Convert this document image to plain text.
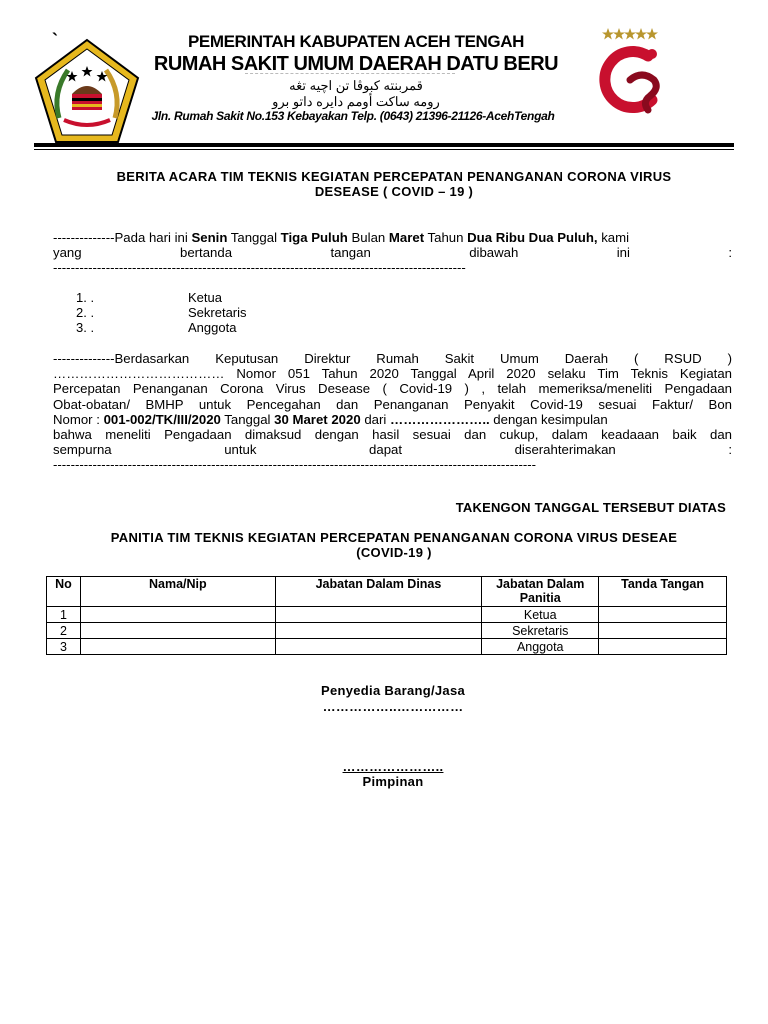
`	PEMERINTAH KABUPATEN ACEH TENGAH
RUMAH SAKIT UMUM DAERAH DATU BERU
قمربنته كبوڤا تن اچيه تڠه
رومه ساكت أومم دايره داتو برو
Jln. Rumah Sakit No.153 Kebayakan Telp. (0643) 21396-21126-AcehTengah
BERITA ACARA TIM TEKNIS KEGIATAN PERCEPATAN PENANGANAN CORONA VIRUS
DESEASE ( COVID – 19 )
--------------Pada hari ini Senin Tanggal Tiga Puluh Bulan Maret Tahun Dua Ribu Dua Puluh, kami
yang bertanda tangan dibawah ini :
----------------------------------------------------------------------------------------------
1. .	Ketua
2. .	Sekretaris
3. .	Anggota
--------------Berdasarkan Keputusan Direktur Rumah Sakit Umum Daerah ( RSUD )
………………………………… Nomor 051 Tahun 2020 Tanggal April 2020 selaku Tim Teknis Kegiatan
Percepatan Penanganan Corona Virus Desease ( Covid-19 ) , telah memeriksa/meneliti Pengadaan
Obat-obatan/ BMHP untuk Pencegahan dan Penanganan Penyakit Covid-19 sesuai Faktur/ Bon
Nomor : 001-002/TK/III/2020 Tanggal 30 Maret 2020 dari ………………….. dengan kesimpulan
bahwa meneliti Pengadaan dimaksud dengan hasil sesuai dan cukup, dalam keadaaan baik dan
sempurna untuk dapat diserahterimakan :
--------------------------------------------------------------------------------------------------------------
TAKENGON TANGGAL TERSEBUT DIATAS
PANITIA TIM TEKNIS KEGIATAN PERCEPATAN PENANGANAN CORONA VIRUS DESEAE
(COVID-19 )
No	Nama/Nip	Jabatan Dalam Dinas	Jabatan Dalam Panitia	Tanda Tangan
1			Ketua	
2			Sekretaris	
3			Anggota	
Penyedia Barang/Jasa
……………..……………
…………………..
Pimpinan
